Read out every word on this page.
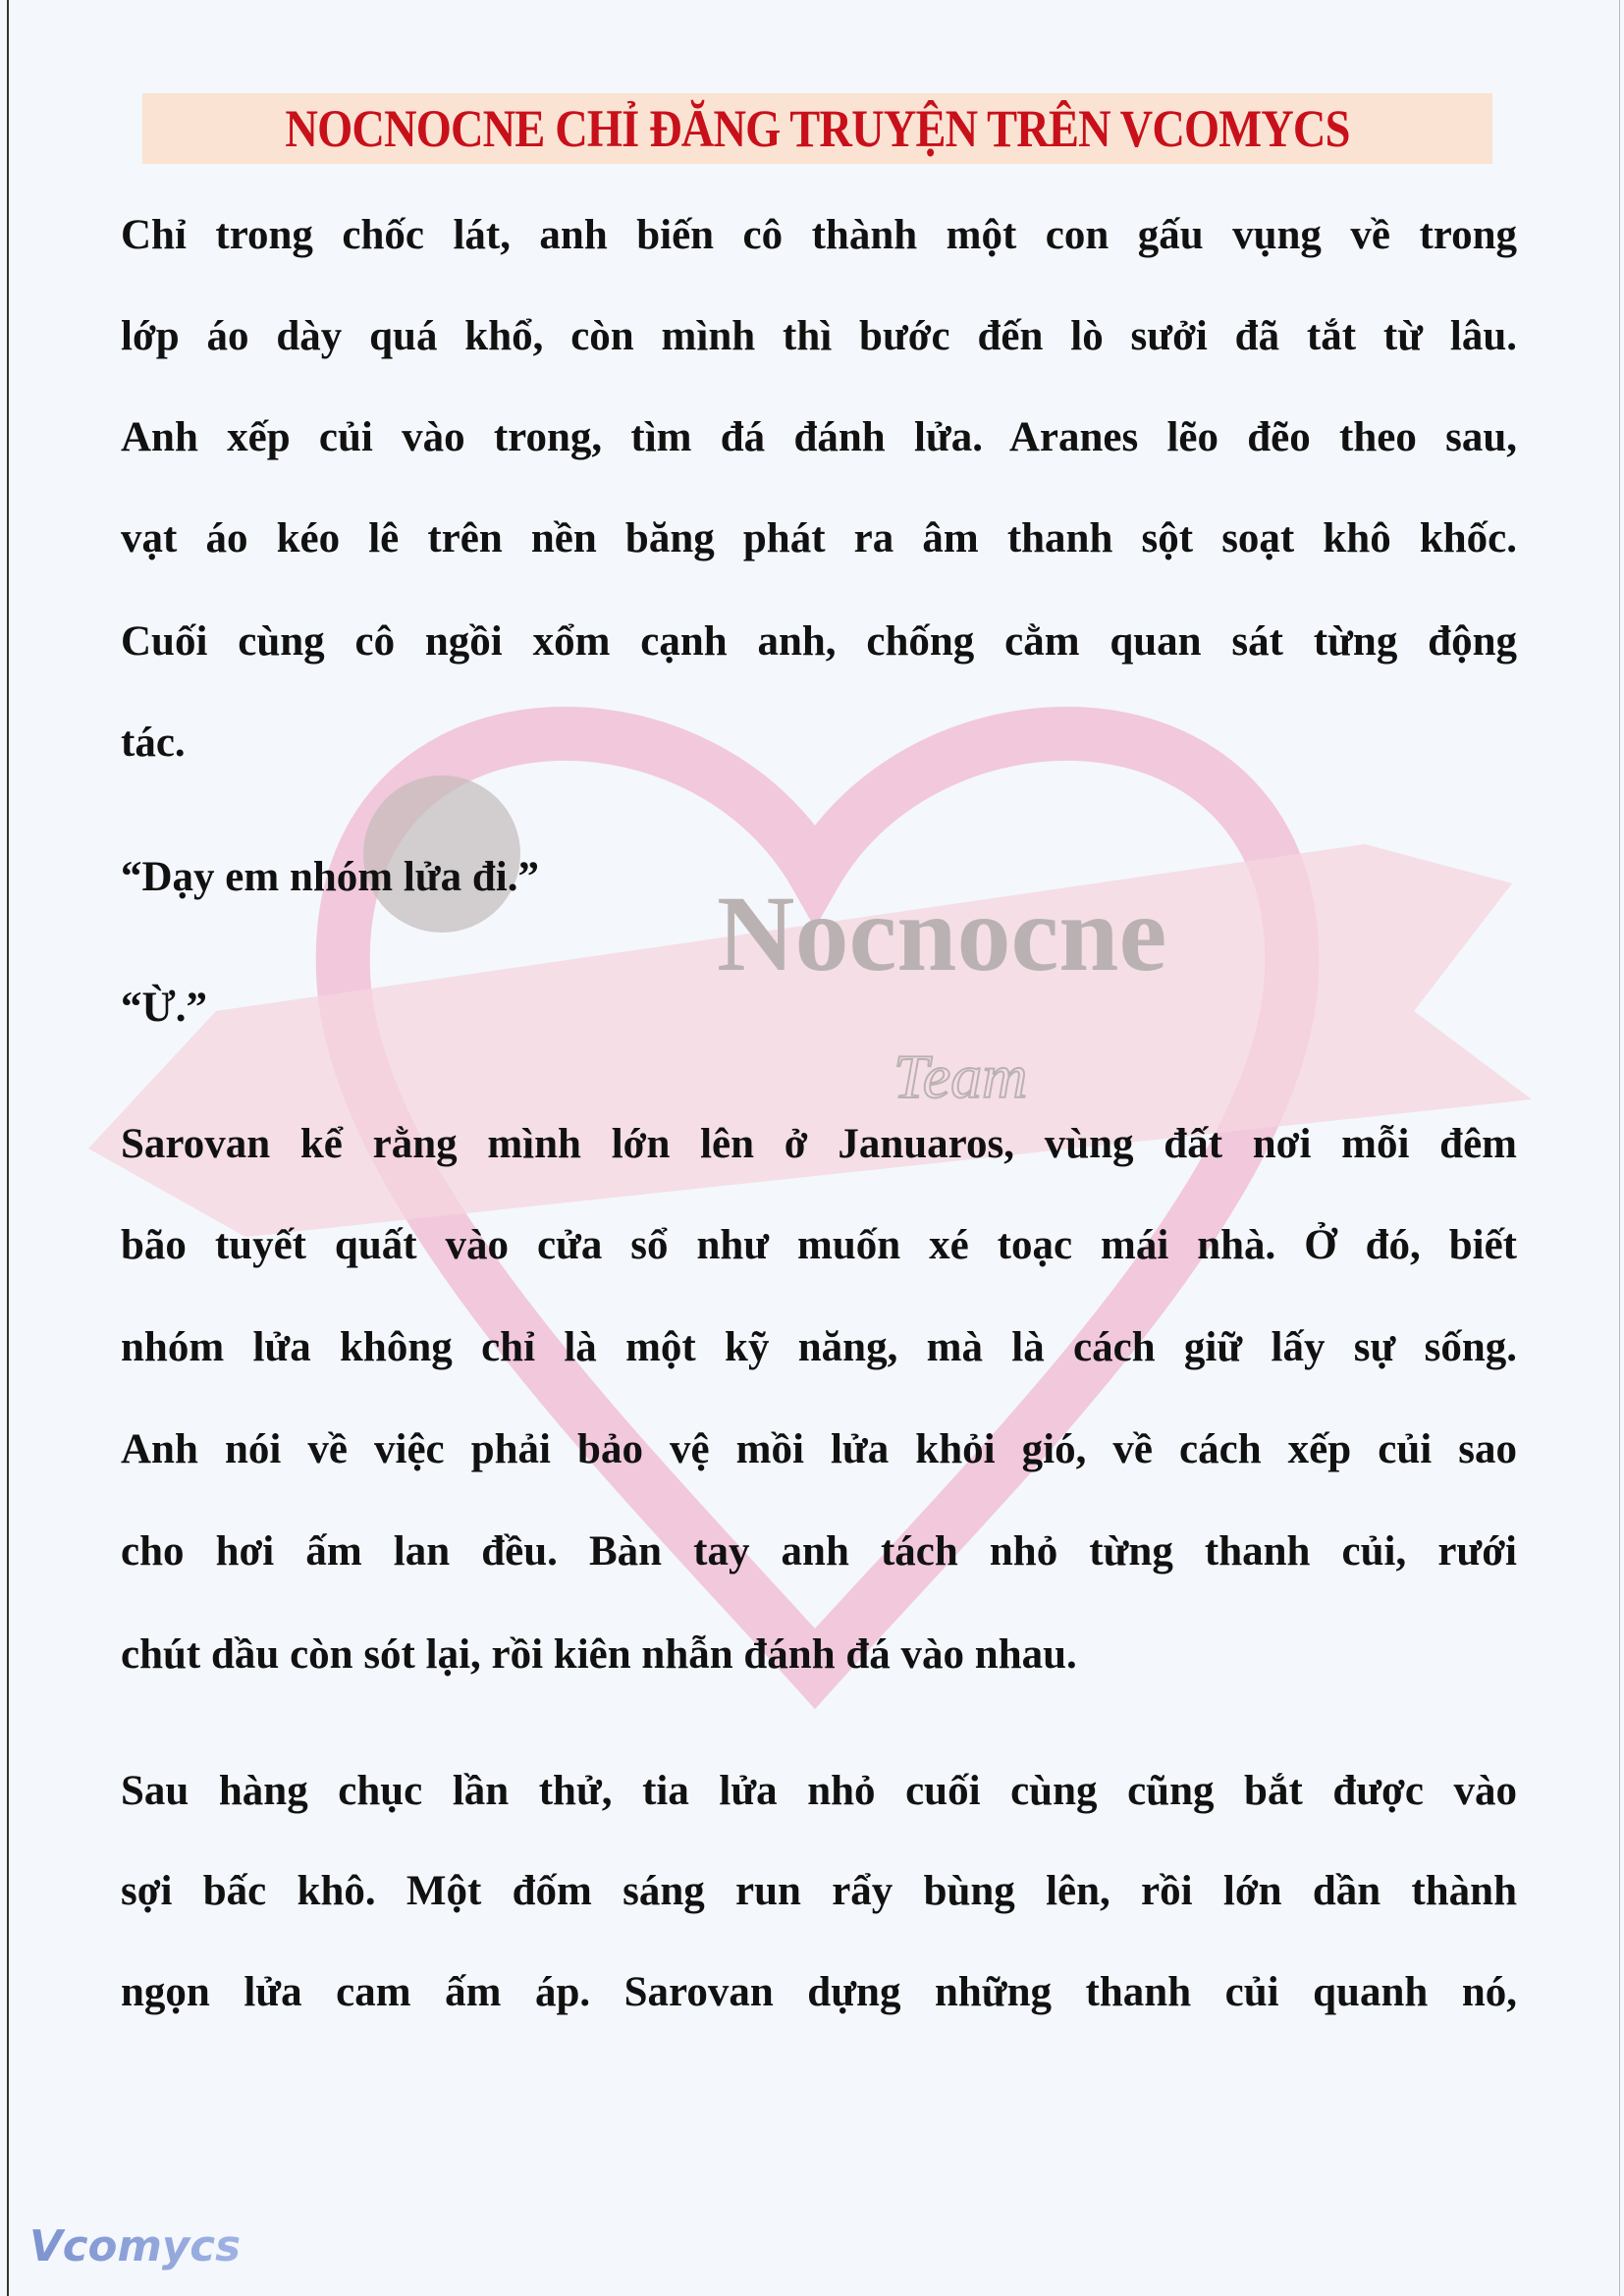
Nocnocne
Team
NOCNOCNE CHỈ ĐĂNG TRUYỆN TRÊN VCOMYCS
Chỉ trong chốc lát, anh biến cô thành một con gấu vụng về trong
lớp áo dày quá khổ, còn mình thì bước đến lò sưởi đã tắt từ lâu.
Anh xếp củi vào trong, tìm đá đánh lửa. Aranes lẽo đẽo theo sau,
vạt áo kéo lê trên nền băng phát ra âm thanh sột soạt khô khốc.
Cuối cùng cô ngồi xổm cạnh anh, chống cằm quan sát từng động
tác.
“Dạy em nhóm lửa đi.”
“Ừ.”
Sarovan kể rằng mình lớn lên ở Januaros, vùng đất nơi mỗi đêm
bão tuyết quất vào cửa sổ như muốn xé toạc mái nhà. Ở đó, biết
nhóm lửa không chỉ là một kỹ năng, mà là cách giữ lấy sự sống.
Anh nói về việc phải bảo vệ mồi lửa khỏi gió, về cách xếp củi sao
cho hơi ấm lan đều. Bàn tay anh tách nhỏ từng thanh củi, rưới
chút dầu còn sót lại, rồi kiên nhẫn đánh đá vào nhau.
Sau hàng chục lần thử, tia lửa nhỏ cuối cùng cũng bắt được vào
sợi bấc khô. Một đốm sáng run rẩy bùng lên, rồi lớn dần thành
ngọn lửa cam ấm áp. Sarovan dựng những thanh củi quanh nó,
Vcomycs
